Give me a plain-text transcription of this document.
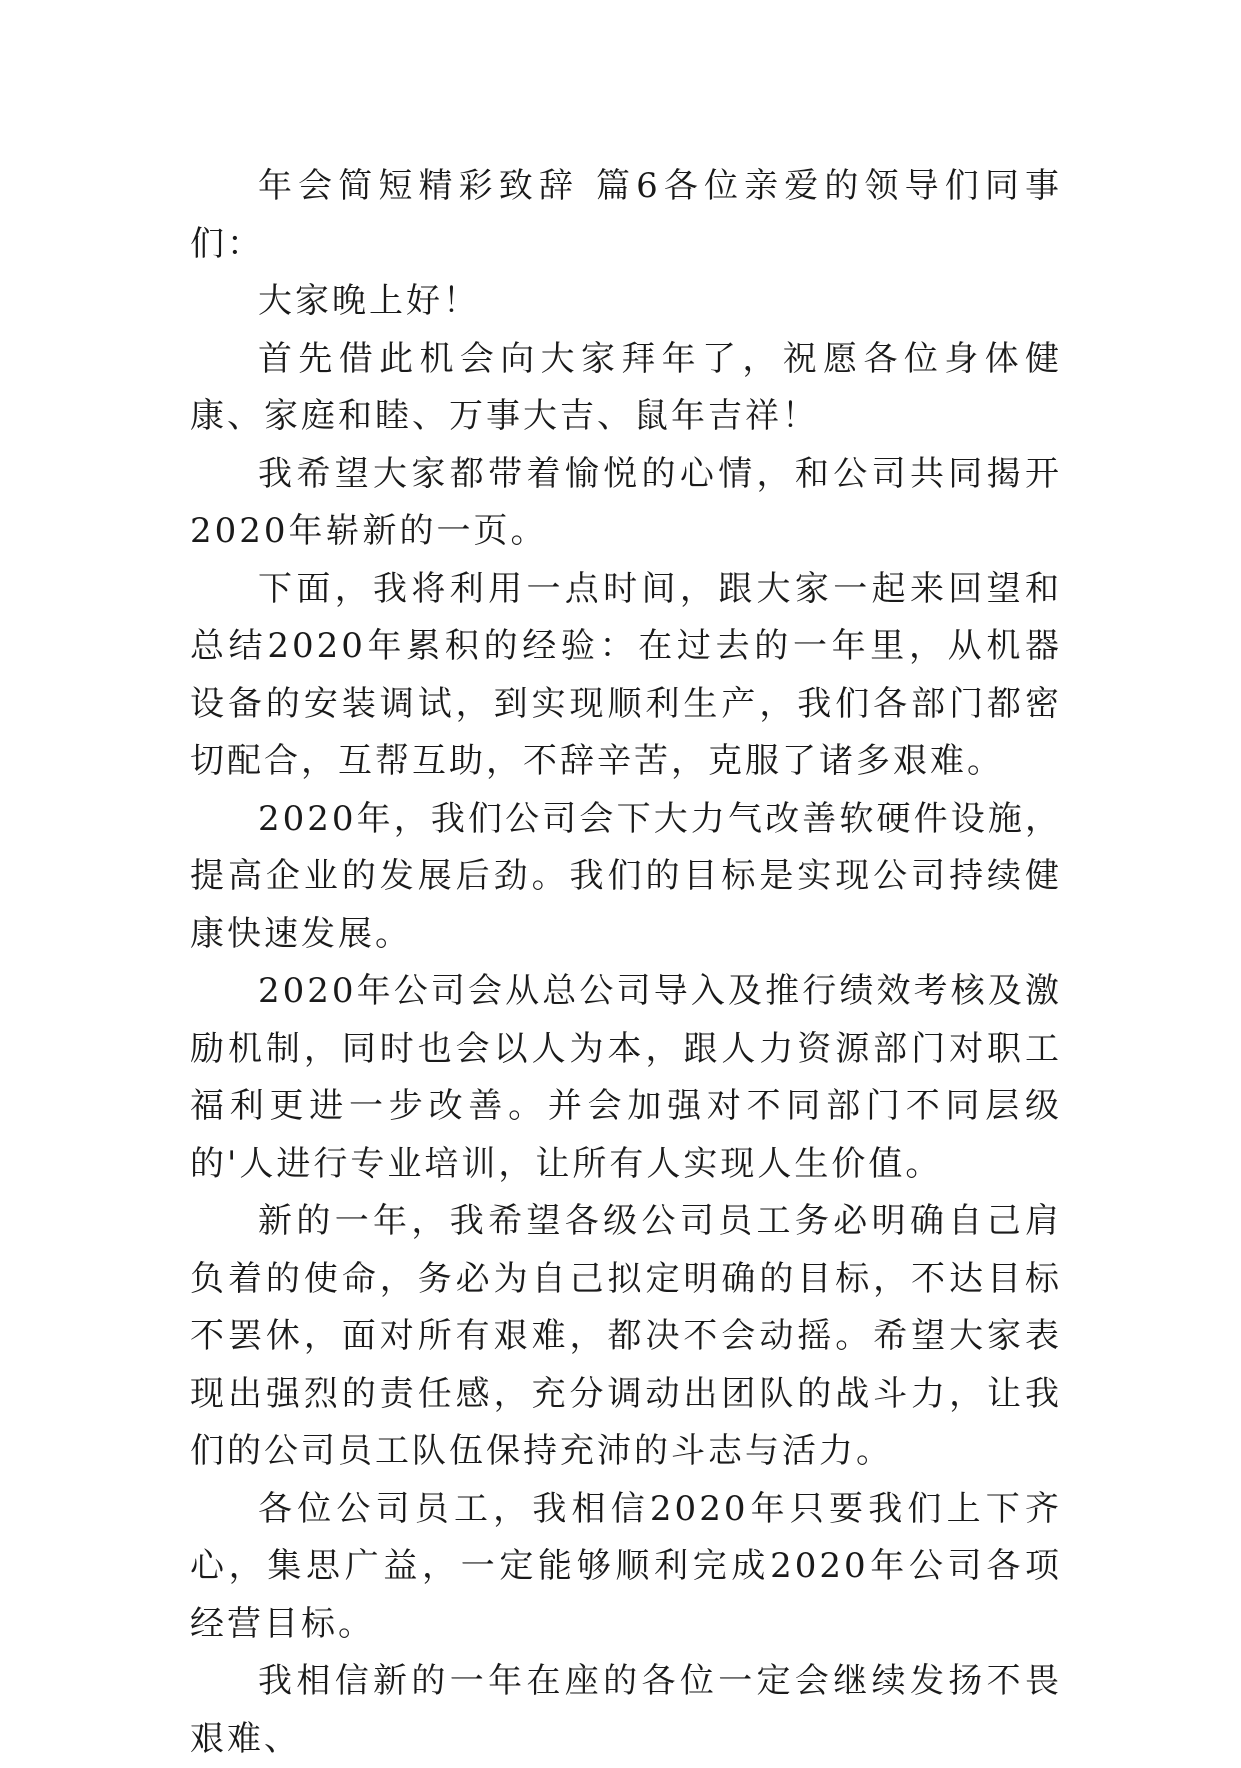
年会简短精彩致辞 篇6各位亲爱的领导们同事们：

大家晚上好！

首先借此机会向大家拜年了，祝愿各位身体健康、家庭和睦、万事大吉、鼠年吉祥！

我希望大家都带着愉悦的心情，和公司共同揭开2020年崭新的一页。

下面，我将利用一点时间，跟大家一起来回望和总结2020年累积的经验：在过去的一年里，从机器设备的安装调试，到实现顺利生产，我们各部门都密切配合，互帮互助，不辞辛苦，克服了诸多艰难。

2020年，我们公司会下大力气改善软硬件设施，提高企业的发展后劲。我们的目标是实现公司持续健康快速发展。

2020年公司会从总公司导入及推行绩效考核及激励机制，同时也会以人为本，跟人力资源部门对职工福利更进一步改善。并会加强对不同部门不同层级的'人进行专业培训，让所有人实现人生价值。

新的一年，我希望各级公司员工务必明确自己肩负着的使命，务必为自己拟定明确的目标，不达目标不罢休，面对所有艰难，都决不会动摇。希望大家表现出强烈的责任感，充分调动出团队的战斗力，让我们的公司员工队伍保持充沛的斗志与活力。

各位公司员工，我相信2020年只要我们上下齐心，集思广益，一定能够顺利完成2020年公司各项经营目标。

我相信新的一年在座的各位一定会继续发扬不畏艰难、
